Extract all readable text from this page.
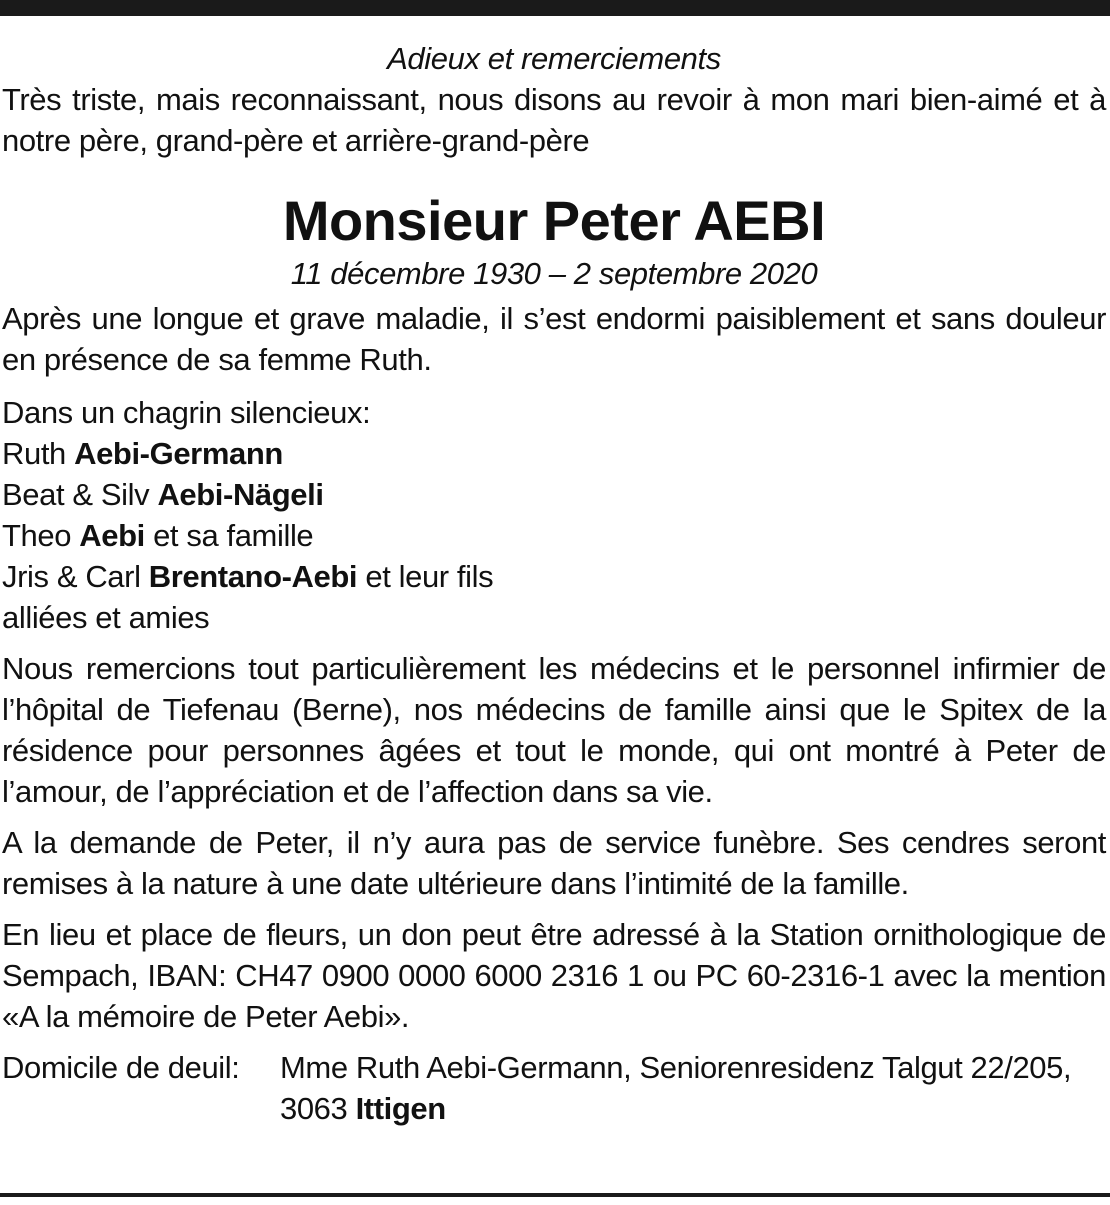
Adieux et remerciements

Très triste, mais reconnaissant, nous disons au revoir à mon mari bien-aimé et à notre père, grand-père et arrière-grand-père

Monsieur Peter AEBI

11 décembre 1930 – 2 septembre 2020

Après une longue et grave maladie, il s’est endormi paisiblement et sans douleur en présence de sa femme Ruth.

Dans un chagrin silencieux:
Ruth Aebi-Germann
Beat & Silv Aebi-Nägeli
Theo Aebi et sa famille
Jris & Carl Brentano-Aebi et leur fils
alliées et amies

Nous remercions tout particulièrement les médecins et le personnel infirmier de l’hôpital de Tiefenau (Berne), nos médecins de famille ainsi que le Spitex de la résidence pour personnes âgées et tout le monde, qui ont montré à Peter de l’amour, de l’appréciation et de l’affection dans sa vie.

A la demande de Peter, il n’y aura pas de service funèbre. Ses cendres seront remises à la nature à une date ultérieure dans l’intimité de la famille.

En lieu et place de fleurs, un don peut être adressé à la Station ornithologique de Sempach, IBAN: CH47 0900 0000 6000 2316 1 ou PC 60-2316-1 avec la mention «A la mémoire de Peter Aebi».

Domicile de deuil:	Mme Ruth Aebi-Germann, Seniorenresidenz Talgut 22/205,
3063 Ittigen
